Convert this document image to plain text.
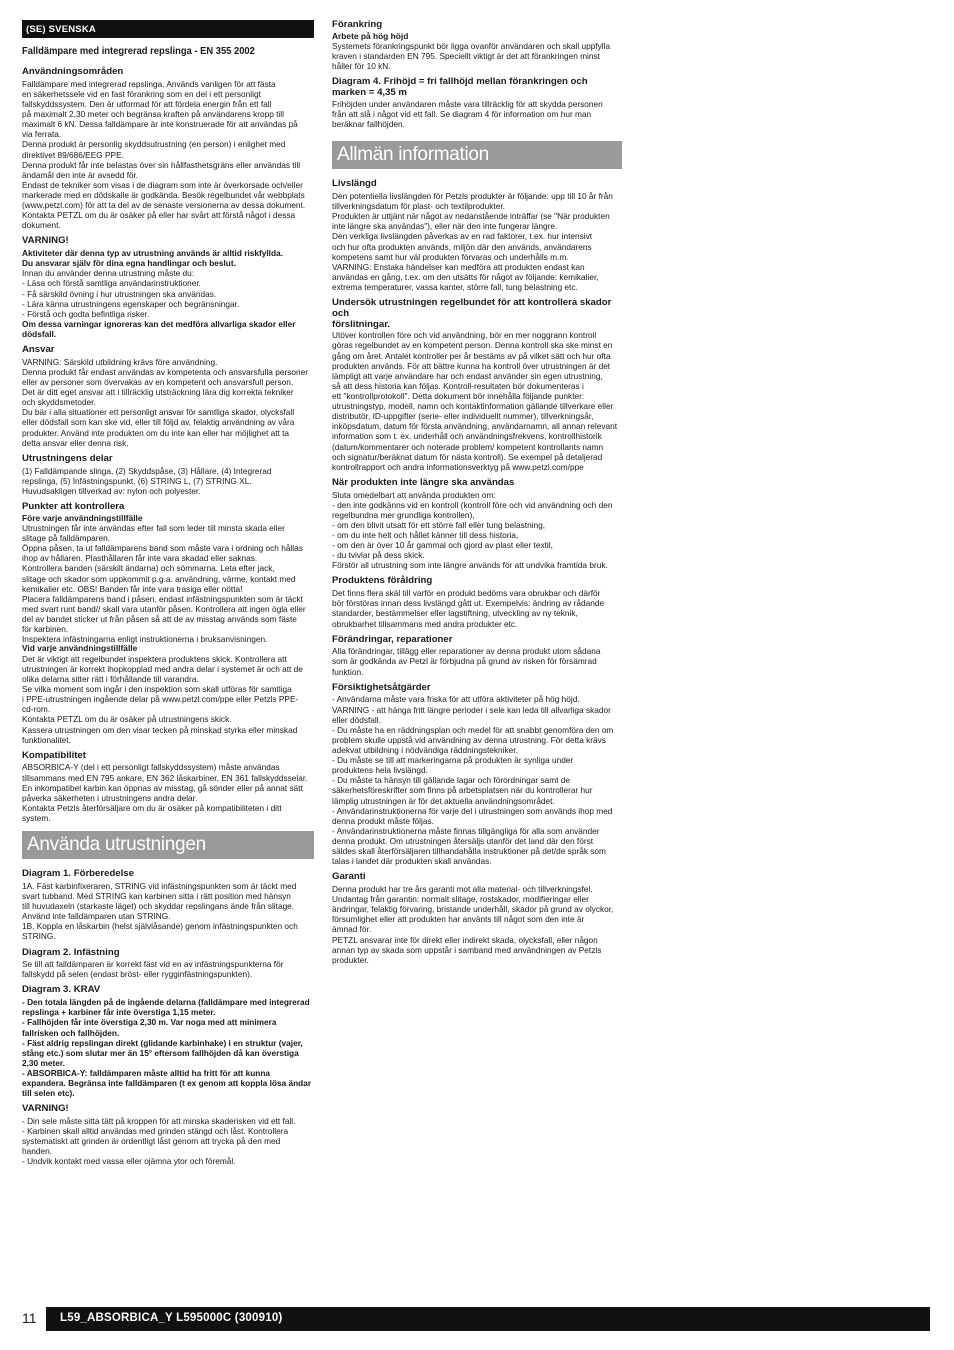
(SE) SVENSKA
Falldämpare med integrerad repslinga - EN 355 2002
Användningsområden
Falldämpare med integrerad repslinga. Används vanligen för att fästa
en säkerhetssele vid en fast förankring som en del i ett personligt
fallskyddssystem. Den är utformad för att fördela energin från ett fall
på maximalt 2,30 meter och begränsa kraften på användarens kropp till
maximalt 6 kN. Dessa falldämpare är inte konstruerade för att användas på
via ferrata.
Denna produkt är personlig skyddsutrustning (en person) i enlighet med
direktivet 89/686/EEG PPE.
Denna produkt får inte belastas över sin hållfasthetsgräns eller användas till
ändamål den inte är avsedd för.
Endast de tekniker som visas i de diagram som inte är överkorsade och/eller
markerade med en dödskalle är godkända. Besök regelbundet vår webbplats
(www.petzl.com) för att ta del av de senaste versionerna av dessa dokument.
Kontakta PETZL om du är osäker på eller har svårt att förstå något i dessa
dokument.
VARNING!
Aktiviteter där denna typ av utrustning används är alltid riskfyllda.
Du ansvarar själv för dina egna handlingar och beslut.
Innan du använder denna utrustning måste du:
- Läsa och förstå samtliga användarinstruktioner.
- Få särskild övning i hur utrustningen ska användas.
- Lära känna utrustningens egenskaper och begränsningar.
- Förstå och godta befintliga risker.
Om dessa varningar ignoreras kan det medföra allvarliga skador eller
dödsfall.
Ansvar
VARNING: Särskild utbildning krävs före användning.
Denna produkt får endast användas av kompetenta och ansvarsfulla personer
eller av personer som övervakas av en kompetent och ansvarsfull person.
Det är ditt eget ansvar att i tillräcklig utsträckning lära dig korrekta tekniker
och skyddsmetoder.
Du bär i alla situationer ett personligt ansvar för samtliga skador, olycksfall
eller dödsfall som kan ske vid, eller till följd av, felaktig användning av våra
produkter. Använd inte produkten om du inte kan eller har möjlighet att ta
detta ansvar eller denna risk.
Utrustningens delar
(1) Falldämpande slinga, (2) Skyddspåse, (3) Hållare, (4) Integrerad
repslinga, (5) Infästningspunkt, (6) STRING L, (7) STRING XL.
Huvudsakligen tillverkad av: nylon och polyester.
Punkter att kontrollera
Före varje användningstillfälle
Utrustningen får inte användas efter fall som leder till minsta skada eller
slitage på falldämparen.
Öppna påsen, ta ut falldämparens band som måste vara i ordning och hållas
ihop av hållaren. Plasthållaren får inte vara skadad eller saknas.
Kontrollera banden (särskilt ändarna) och sömmarna. Leta efter jack,
slitage och skador som uppkommit p.g.a. användning, värme, kontakt med
kemikalier etc. OBS! Banden får inte vara trasiga eller nötta!
Placera falldämparens band i påsen, endast infästningspunkten som är täckt
med svart runt band// skall vara utanför påsen. Kontrollera att ingen ögla eller
del av bandet sticker ut från påsen så att de av misstag används som fäste
för karbinen.
Inspektera infästningarna enligt instruktionerna i bruksanvisningen.
Vid varje användningstillfälle
Det är viktigt att regelbundet inspektera produktens skick. Kontrollera att
utrustningen är korrekt ihopkopplad med andra delar i systemet är och att de
olika delarna sitter rätt i förhållande till varandra.
Se vilka moment som ingår i den inspektion som skall utföras för samtliga
i PPE-utrustningen ingående delar på www.petzl.com/ppe eller Petzls PPE-
cd-rom.
Kontakta PETZL om du är osäker på utrustningens skick.
Kassera utrustningen om den visar tecken på minskad styrka eller minskad
funktionalitet.
Kompatibilitet
ABSORBICA-Y (del i ett personligt fallskyddssystem) måste användas
tillsammans med EN 795 ankare, EN 362 låskarbiner, EN 361 fallskyddsselar.
En inkompatibel karbin kan öppnas av misstag, gå sönder eller på annat sätt
påverka säkerheten i utrustningens andra delar.
Kontakta Petzls återförsäljare om du är osäker på kompatibiliteten i ditt
system.
Använda utrustningen
Diagram 1. Förberedelse
1A. Fäst karbinfixeraren, STRING vid infästningspunkten som är täckt med
svart tubband. Med STRING kan karbinen sitta i rätt position med hänsyn
till huvudaxeln (starkaste läget) och skyddar repslingans ände från slitage.
Använd inte falldämparen utan STRING.
1B. Koppla en låskarbin (helst självlåsande) genom infästningspunkten och
STRING.
Diagram 2. Infästning
Se till att falldämparen är korrekt fäst vid en av infästningspunkterna för
fallskydd på selen (endast bröst- eller rygginfästningspunkten).
Diagram 3. KRAV
- Den totala längden på de ingående delarna (falldämpare med integrerad
repslinga + karbiner får inte överstiga 1,15 meter.
- Fallhöjden får inte överstiga 2,30 m. Var noga med att minimera
fallrisken och fallhöjden.
- Fäst aldrig repslingan direkt (glidande karbinhake) i en struktur (vajer,
stång etc.) som slutar mer än 15° eftersom fallhöjden då kan överstiga
2,30 meter.
- ABSORBICA-Y: falldämparen måste alltid ha fritt för att kunna
expandera. Begränsa inte falldämparen (t ex genom att koppla lösa ändar
till selen etc).
VARNING!
- Din sele måste sitta tätt på kroppen för att minska skaderisken vid ett fall.
- Karbinen skall alltid användas med grinden stängd och låst. Kontrollera
systematiskt att grinden är ordentligt låst genom att trycka på den med
handen.
- Undvik kontakt med vassa eller ojämna ytor och föremål.
Förankring
Arbete på hög höjd
Systemets förankringspunkt bör ligga ovanför användaren och skall uppfylla
kraven i standarden EN 795. Speciellt viktigt är det att förankringen minst
håller för 10 kN.
Diagram 4. Frihöjd = fri fallhöjd mellan förankringen och
marken = 4,35 m
Frihöjden under användaren måste vara tillräcklig för att skydda personen
från att slå i något vid ett fall. Se diagram 4 för information om hur man
beräknar fallhöjden.
Allmän information
Livslängd
Den potentiella livslängden för Petzls produkter är följande: upp till 10 år från
tillverkningsdatum för plast- och textilprodukter.
Produkten är uttjänt när något av nedanstående inträffar (se "När produkten
inte längre ska användas"), eller när den inte fungerar längre.
Den verkliga livslängden påverkas av en rad faktorer, t.ex. hur intensivt
och hur ofta produkten används, miljön där den används, användarens
kompetens samt hur väl produkten förvaras och underhålls m.m.
VARNING: Enstaka händelser kan medföra att produkten endast kan
användas en gång, t.ex. om den utsätts för något av följande: kemikalier,
extrema temperaturer, vassa kanter, större fall, tung belastning etc.
Undersök utrustningen regelbundet för att kontrollera skador och
förslitningar.
Utöver kontrollen före och vid användning, bör en mer noggrann kontroll
göras regelbundet av en kompetent person. Denna kontroll ska ske minst en
gång om året. Antalet kontroller per år bestäms av på vilket sätt och hur ofta
produkten används. För att bättre kunna ha kontroll över utrustningen är det
lämpligt att varje användare har och endast använder sin egen utrustning,
så att dess historia kan följas. Kontroll-resultaten bör dokumenteras i
ett "kontrollprotokoll". Detta dokument bör innehålla följande punkter:
utrustningstyp, modell, namn och kontaktinformation gällande tillverkare eller
distributör, ID-uppgifter (serie- eller individuellt nummer), tillverkningsår,
inköpsdatum, datum för första användning, användarnamn, all annan relevant
information som t. ex. underhåll och användningsfrekvens, kontrollhistorik
(datum/kommentarer och noterade problem/ kompetent kontrollants namn
och signatur/beräknat datum för nästa kontroll). Se exempel på detaljerad
kontrollrapport och andra informationsverktyg på www.petzl.com/ppe
När produkten inte längre ska användas
Sluta omedelbart att använda produkten om:
- den inte godkänns vid en kontroll (kontroll före och vid användning och den
regelbundna mer grundliga kontrollen),
- om den blivit utsatt för ett större fall eller tung belastning,
- om du inte helt och hållet känner till dess historia,
- om den är över 10 år gammal och gjord av plast eller textil,
- du tvivlar på dess skick.
Förstör all utrustning som inte längre används för att undvika framtida bruk.
Produktens föråldring
Det finns flera skäl till varför en produkt bedöms vara obrukbar och därför
bör förstöras innan dess livslängd gått ut. Exempelvis: ändring av rådande
standarder, bestämmelser eller lagstiftning, utveckling av ny teknik,
obrukbarhet tillsammans med andra produkter etc.
Förändringar, reparationer
Alla förändringar, tillägg eller reparationer av denna produkt utom sådana
som är godkända av Petzl är förbjudna på grund av risken för försämrad
funktion.
Försiktighetsåtgärder
- Användarna måste vara friska för att utföra aktiviteter på hög höjd.
VARNING - att hänga fritt längre perioder i sele kan leda till allvarliga skador
eller dödsfall.
- Du måste ha en räddningsplan och medel för att snabbt genomföra den om
problem skulle uppstå vid användning av denna utrustning. För detta krävs
adekvat utbildning i nödvändiga räddningstekniker.
- Du måste se till att markeringarna på produkten är synliga under
produktens hela livslängd.
- Du måste ta hänsyn till gällande lagar och förordningar samt de
säkerhetsföreskrifter som finns på arbetsplatsen när du kontrollerar hur
lämplig utrustningen är för det aktuella användningsområdet.
- Användarinstruktionerna för varje del i utrustningen som används ihop med
denna produkt måste följas.
- Användarinstruktionerna måste finnas tillgängliga för alla som använder
denna produkt. Om utrustningen återsäljs utanför det land där den först
säldes skall återförsäljaren tillhandahålla instruktioner på det/de språk som
talas i landet där produkten skall användas.
Garanti
Denna produkt har tre års garanti mot alla material- och tillverkningsfel.
Undantag från garantin: normalt slitage, rostskador, modifieringar eller
ändringar, felaktig förvaring, bristande underhåll, skador på grund av olyckor,
försumlighet eller att produkten har använts till något som den inte är
ämnad för.
PETZL ansvarar inte för direkt eller indirekt skada, olycksfall, eller någon
annan typ av skada som uppstår i samband med användningen av Petzls
produkter.
11 L59_ABSORBICA_Y L595000C (300910)
